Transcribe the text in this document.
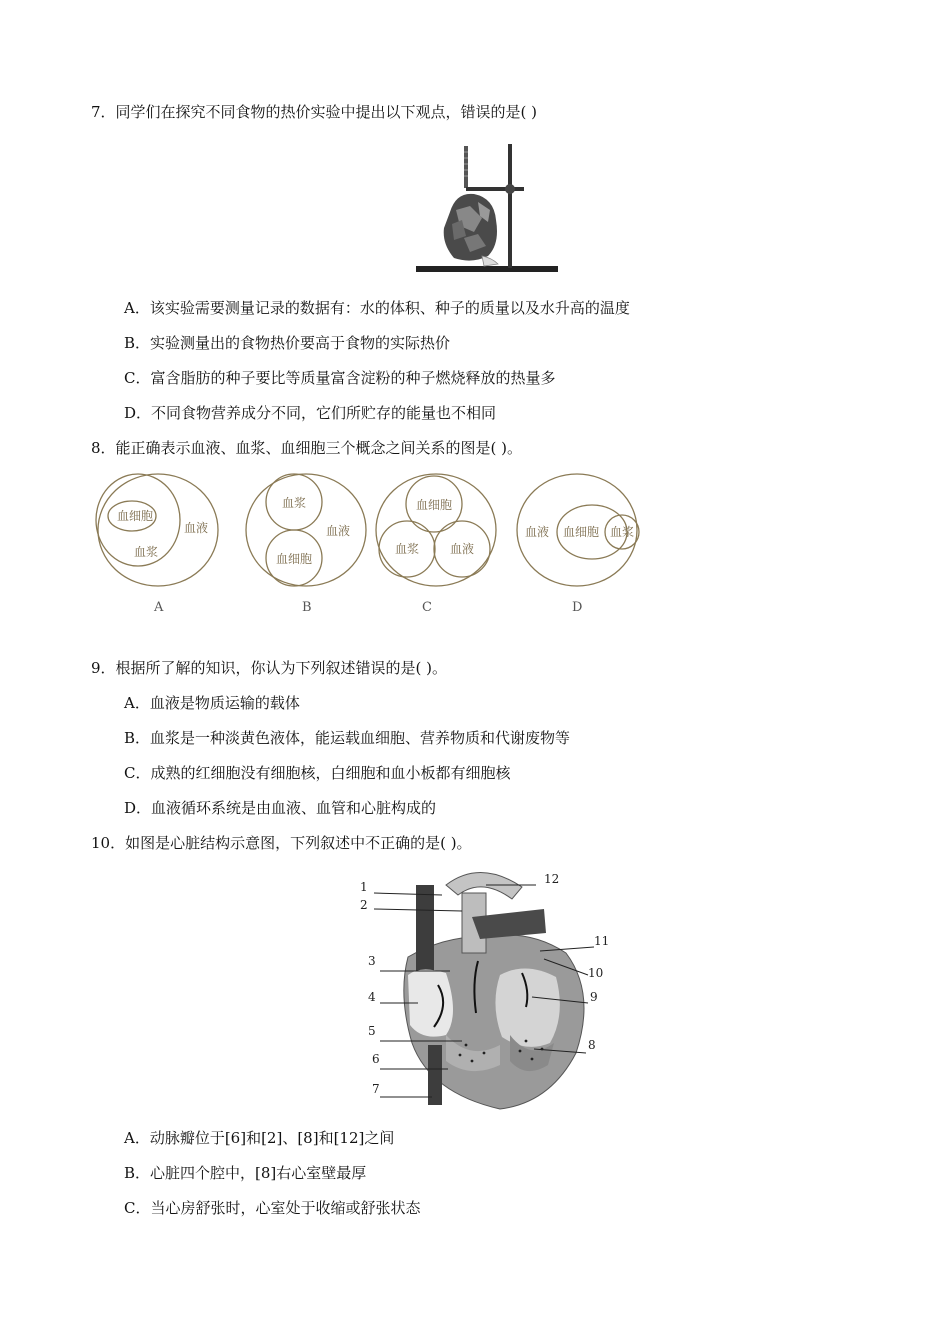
7．同学们在探究不同食物的热价实验中提出以下观点，错误的是( )
A．该实验需要测量记录的数据有：水的体积、种子的质量以及水升高的温度
B．实验测量出的食物热价要高于食物的实际热价
C．富含脂肪的种子要比等质量富含淀粉的种子燃烧释放的热量多
D．不同食物营养成分不同，它们所贮存的能量也不相同
8．能正确表示血液、血浆、血细胞三个概念之间关系的图是( )。
血细胞
血液
血浆
A
血浆
血液
血细胞
B
血细胞
血浆	血液
C
血液 血细胞 血浆
D
9．根据所了解的知识，你认为下列叙述错误的是( )。
A．血液是物质运输的载体
B．血浆是一种淡黄色液体，能运载血细胞、营养物质和代谢废物等
C．成熟的红细胞没有细胞核，白细胞和血小板都有细胞核
D．血液循环系统是由血液、血管和心脏构成的
10．如图是心脏结构示意图，下列叙述中不正确的是( )。
1
2
3
4
5
6
7
8
9
10
11
12
A．动脉瓣位于[6]和[2]、[8]和[12]之间
B．心脏四个腔中，[8]右心室壁最厚
C．当心房舒张时，心室处于收缩或舒张状态
